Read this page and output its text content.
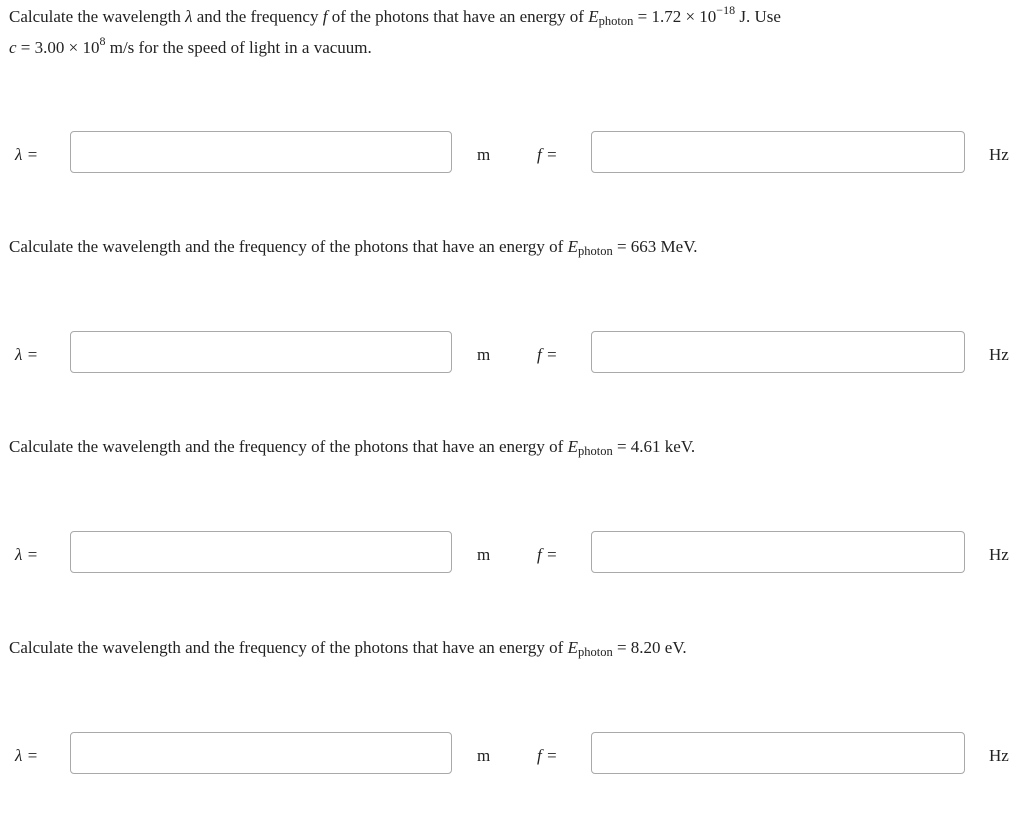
Calculate the wavelength λ and the frequency f of the photons that have an energy of Ephoton = $1.72 \times 10^{-18}$ J. Use
$c = 3.00 \times 10^8$ m/s for the speed of light in a vacuum.
λ =	m	f =	Hz
Calculate the wavelength and the frequency of the photons that have an energy of Ephoton = 663 MeV.
λ =	m	f =	Hz
Calculate the wavelength and the frequency of the photons that have an energy of Ephoton = 4.61 keV.
λ =	m	f =	Hz
Calculate the wavelength and the frequency of the photons that have an energy of Ephoton = 8.20 eV.
λ =	m	f =	Hz
